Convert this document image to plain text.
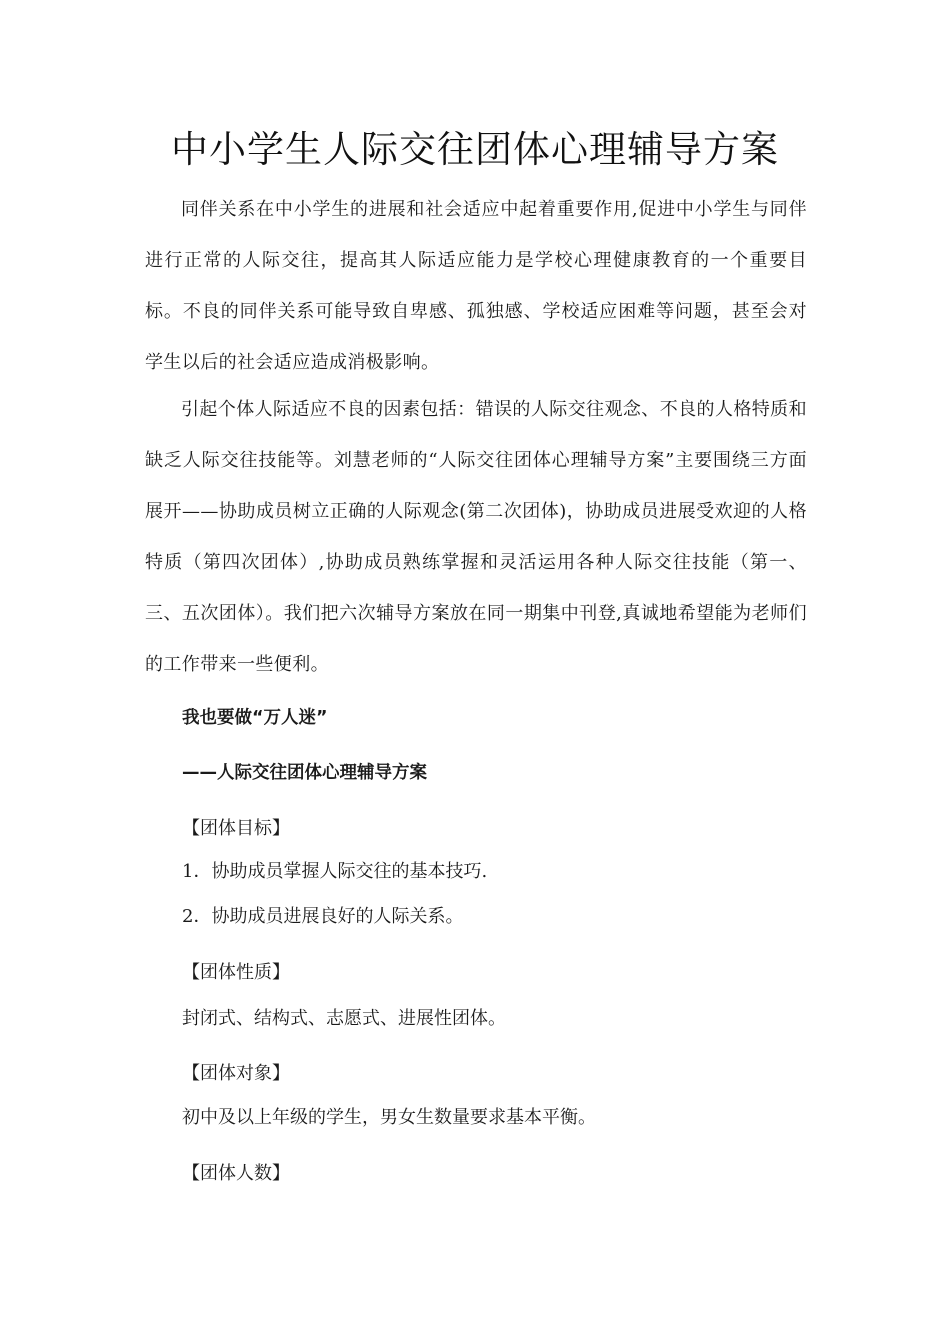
中小学生人际交往团体心理辅导方案

同伴关系在中小学生的进展和社会适应中起着重要作用,促进中小学生与同伴进行正常的人际交往，提高其人际适应能力是学校心理健康教育的一个重要目标。不良的同伴关系可能导致自卑感、孤独感、学校适应困难等问题，甚至会对学生以后的社会适应造成消极影响。

引起个体人际适应不良的因素包括：错误的人际交往观念、不良的人格特质和缺乏人际交往技能等。刘慧老师的“人际交往团体心理辅导方案”主要围绕三方面展开——协助成员树立正确的人际观念(第二次团体)，协助成员进展受欢迎的人格特质（第四次团体）,协助成员熟练掌握和灵活运用各种人际交往技能（第一、三、五次团体）。我们把六次辅导方案放在同一期集中刊登,真诚地希望能为老师们的工作带来一些便利。

我也要做“万人迷”

——人际交往团体心理辅导方案

【团体目标】

1．协助成员掌握人际交往的基本技巧.

2．协助成员进展良好的人际关系。

【团体性质】

封闭式、结构式、志愿式、进展性团体。

【团体对象】

初中及以上年级的学生，男女生数量要求基本平衡。

【团体人数】
